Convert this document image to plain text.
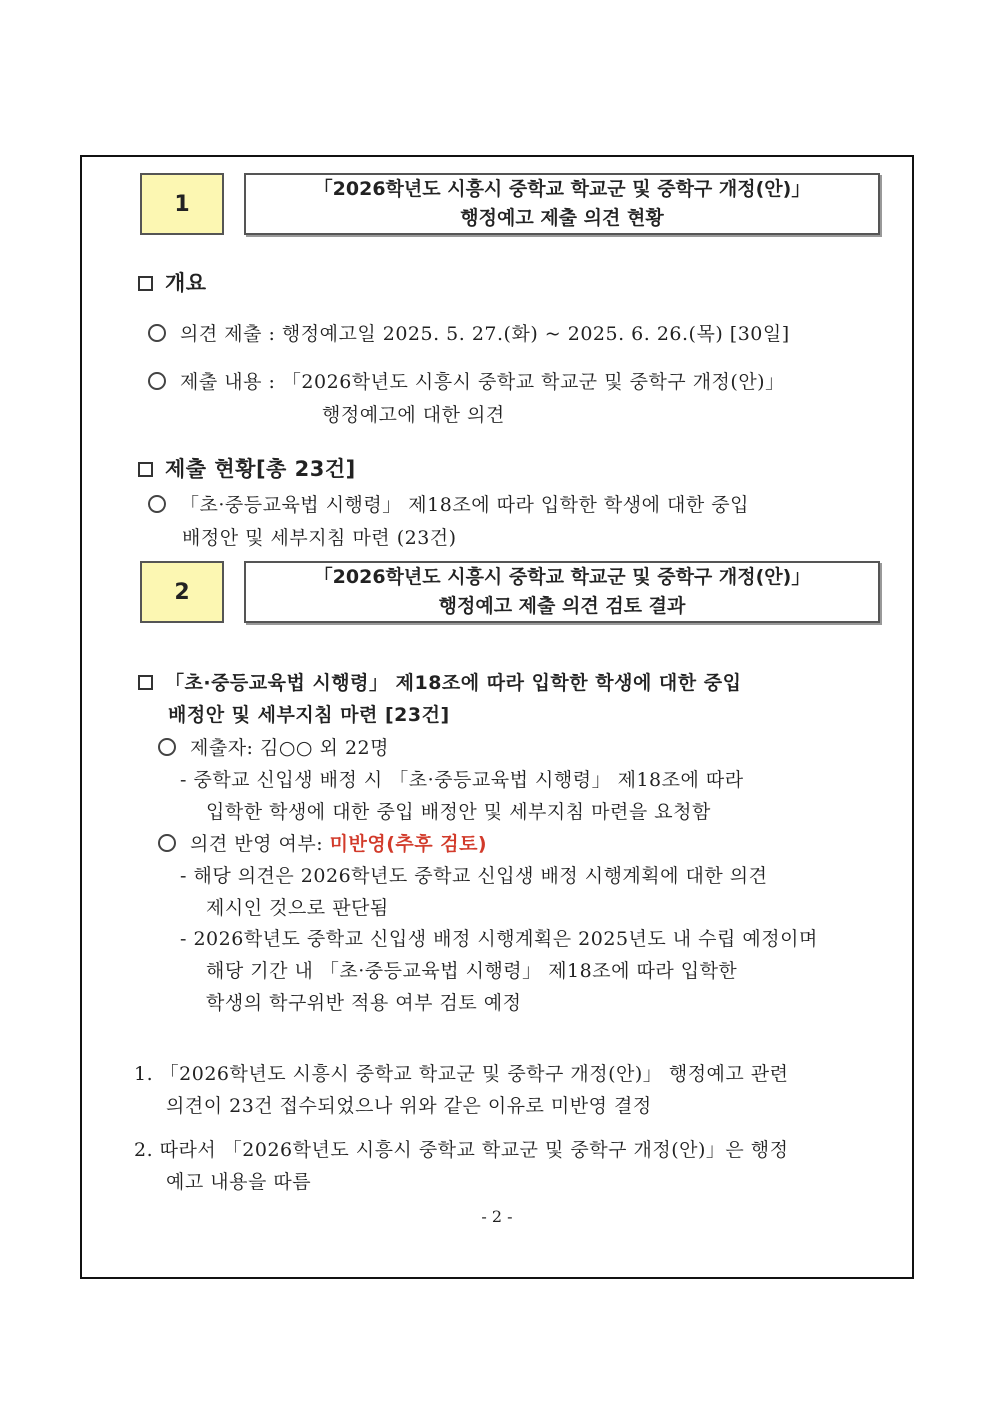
1
「2026학년도 시흥시 중학교 학교군 및 중학구 개정(안)」
행정예고 제출 의견 현황
개요
의견 제출 : 행정예고일 2025. 5. 27.(화) ~ 2025. 6. 26.(목) [30일]
제출 내용 : 「2026학년도 시흥시 중학교 학교군 및 중학구 개정(안)」
행정예고에 대한 의견
제출 현황[총 23건]
「초·중등교육법 시행령」 제18조에 따라 입학한 학생에 대한 중입
배정안 및 세부지침 마련 (23건)
2
「2026학년도 시흥시 중학교 학교군 및 중학구 개정(안)」
행정예고 제출 의견 검토 결과
「초·중등교육법 시행령」 제18조에 따라 입학한 학생에 대한 중입
배정안 및 세부지침 마련 [23건]
제출자: 김○○ 외 22명
- 중학교 신입생 배정 시 「초·중등교육법 시행령」 제18조에 따라
입학한 학생에 대한 중입 배정안 및 세부지침 마련을 요청함
의견 반영 여부: 미반영(추후 검토)
- 해당 의견은 2026학년도 중학교 신입생 배정 시행계획에 대한 의견
제시인 것으로 판단됨
- 2026학년도 중학교 신입생 배정 시행계획은 2025년도 내 수립 예정이며
해당 기간 내 「초·중등교육법 시행령」 제18조에 따라 입학한
학생의 학구위반 적용 여부 검토 예정
1. 「2026학년도 시흥시 중학교 학교군 및 중학구 개정(안)」 행정예고 관련
의견이 23건 접수되었으나 위와 같은 이유로 미반영 결정
2. 따라서 「2026학년도 시흥시 중학교 학교군 및 중학구 개정(안)」은 행정
예고 내용을 따름
- 2 -
